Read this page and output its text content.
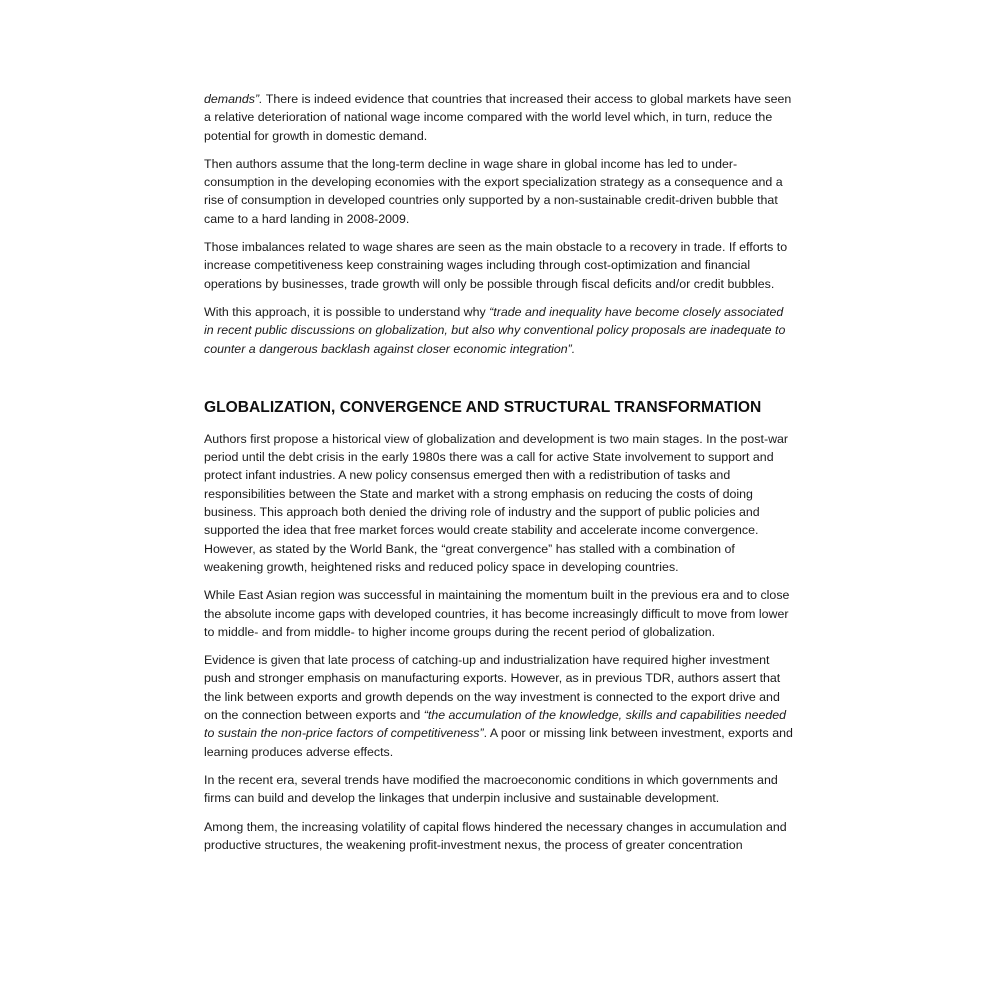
demands”. There is indeed evidence that countries that increased their access to global markets have seen a relative deterioration of national wage income compared with the world level which, in turn, reduce the potential for growth in domestic demand.

Then authors assume that the long-term decline in wage share in global income has led to under-consumption in the developing economies with the export specialization strategy as a consequence and a rise of consumption in developed countries only supported by a non-sustainable credit-driven bubble that came to a hard landing in 2008-2009.

Those imbalances related to wage shares are seen as the main obstacle to a recovery in trade. If efforts to increase competitiveness keep constraining wages including through cost-optimization and financial operations by businesses, trade growth will only be possible through fiscal deficits and/or credit bubbles.

With this approach, it is possible to understand why “trade and inequality have become closely associated in recent public discussions on globalization, but also why conventional policy proposals are inadequate to counter a dangerous backlash against closer economic integration”.

GLOBALIZATION, CONVERGENCE AND STRUCTURAL TRANSFORMATION

Authors first propose a historical view of globalization and development is two main stages. In the post-war period until the debt crisis in the early 1980s there was a call for active State involvement to support and protect infant industries. A new policy consensus emerged then with a redistribution of tasks and responsibilities between the State and market with a strong emphasis on reducing the costs of doing business. This approach both denied the driving role of industry and the support of public policies and supported the idea that free market forces would create stability and accelerate income convergence. However, as stated by the World Bank, the “great convergence” has stalled with a combination of weakening growth, heightened risks and reduced policy space in developing countries.

While East Asian region was successful in maintaining the momentum built in the previous era and to close the absolute income gaps with developed countries, it has become increasingly difficult to move from lower to middle- and from middle- to higher income groups during the recent period of globalization.

Evidence is given that late process of catching-up and industrialization have required higher investment push and stronger emphasis on manufacturing exports. However, as in previous TDR, authors assert that the link between exports and growth depends on the way investment is connected to the export drive and on the connection between exports and “the accumulation of the knowledge, skills and capabilities needed to sustain the non-price factors of competitiveness”. A poor or missing link between investment, exports and learning produces adverse effects.

In the recent era, several trends have modified the macroeconomic conditions in which governments and firms can build and develop the linkages that underpin inclusive and sustainable development.

Among them, the increasing volatility of capital flows hindered the necessary changes in accumulation and productive structures, the weakening profit-investment nexus, the process of greater concentration
